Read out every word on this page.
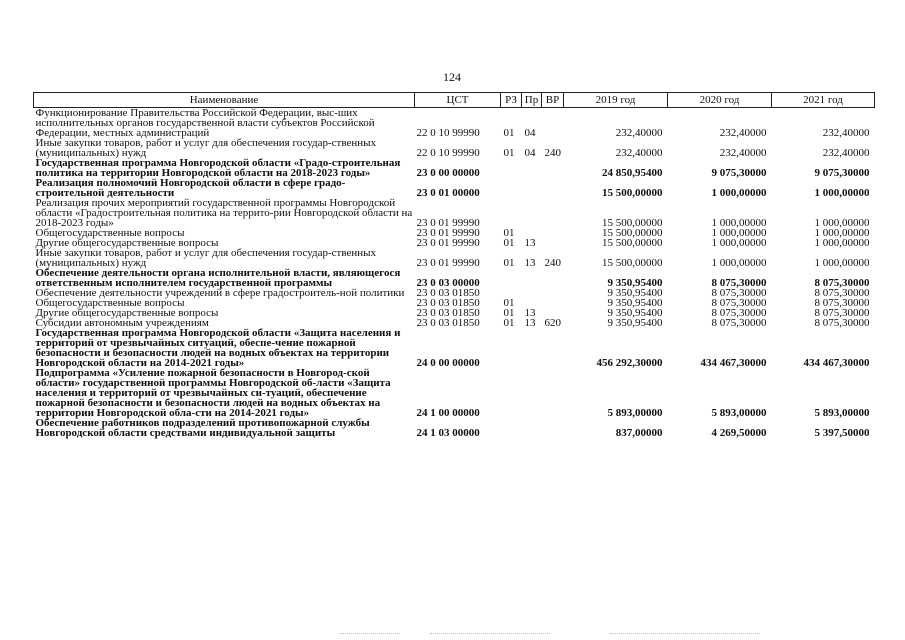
124
Наименование	ЦСТ	РЗ	Пр	ВР	2019 год	2020 год	2021 год
Функционирование Правительства Российской Федерации, выс-ших исполнительных органов государственной власти субъектов Российской Федерации, местных администраций	22 0 10 99990	01	04		232,40000	232,40000	232,40000
Иные закупки товаров, работ и услуг для обеспечения государ-ственных (муниципальных) нужд	22 0 10 99990	01	04	240	232,40000	232,40000	232,40000
Государственная программа Новгородской области «Градо-строительная политика на территории Новгородской области на 2018-2023 годы»	23 0 00 00000				24 850,95400	9 075,30000	9 075,30000
Реализация полномочий Новгородской области в сфере градо-строительной деятельности	23 0 01 00000				15 500,00000	1 000,00000	1 000,00000
Реализация прочих мероприятий государственной программы Новгородской области «Градостроительная политика на террито-рии Новгородской области на 2018-2023 годы»	23 0 01 99990				15 500,00000	1 000,00000	1 000,00000
Общегосударственные вопросы	23 0 01 99990	01			15 500,00000	1 000,00000	1 000,00000
Другие общегосударственные вопросы	23 0 01 99990	01	13		15 500,00000	1 000,00000	1 000,00000
Иные закупки товаров, работ и услуг для обеспечения государ-ственных (муниципальных) нужд	23 0 01 99990	01	13	240	15 500,00000	1 000,00000	1 000,00000
Обеспечение деятельности органа исполнительной власти, являющегося ответственным исполнителем государственной программы	23 0 03 00000				9 350,95400	8 075,30000	8 075,30000
Обеспечение деятельности учреждений в сфере градостроитель-ной политики	23 0 03 01850				9 350,95400	8 075,30000	8 075,30000
Общегосударственные вопросы	23 0 03 01850	01			9 350,95400	8 075,30000	8 075,30000
Другие общегосударственные вопросы	23 0 03 01850	01	13		9 350,95400	8 075,30000	8 075,30000
Субсидии автономным учреждениям	23 0 03 01850	01	13	620	9 350,95400	8 075,30000	8 075,30000
Государственная программа Новгородской области «Защита населения и территорий от чрезвычайных ситуаций, обеспе-чение пожарной безопасности и безопасности людей на водных объектах на территории Новгородской области на 2014-2021 годы»	24 0 00 00000				456 292,30000	434 467,30000	434 467,30000
Подпрограмма «Усиление пожарной безопасности в Новгород-ской области» государственной программы Новгородской об-ласти «Защита населения и территорий от чрезвычайных си-туаций, обеспечение пожарной безопасности и безопасности людей на водных объектах на территории Новгородской обла-сти на 2014-2021 годы»	24 1 00 00000				5 893,00000	5 893,00000	5 893,00000
Обеспечение работников подразделений противопожарной службы Новгородской области средствами индивидуальной защиты	24 1 03 00000				837,00000	4 269,50000	5 397,50000
